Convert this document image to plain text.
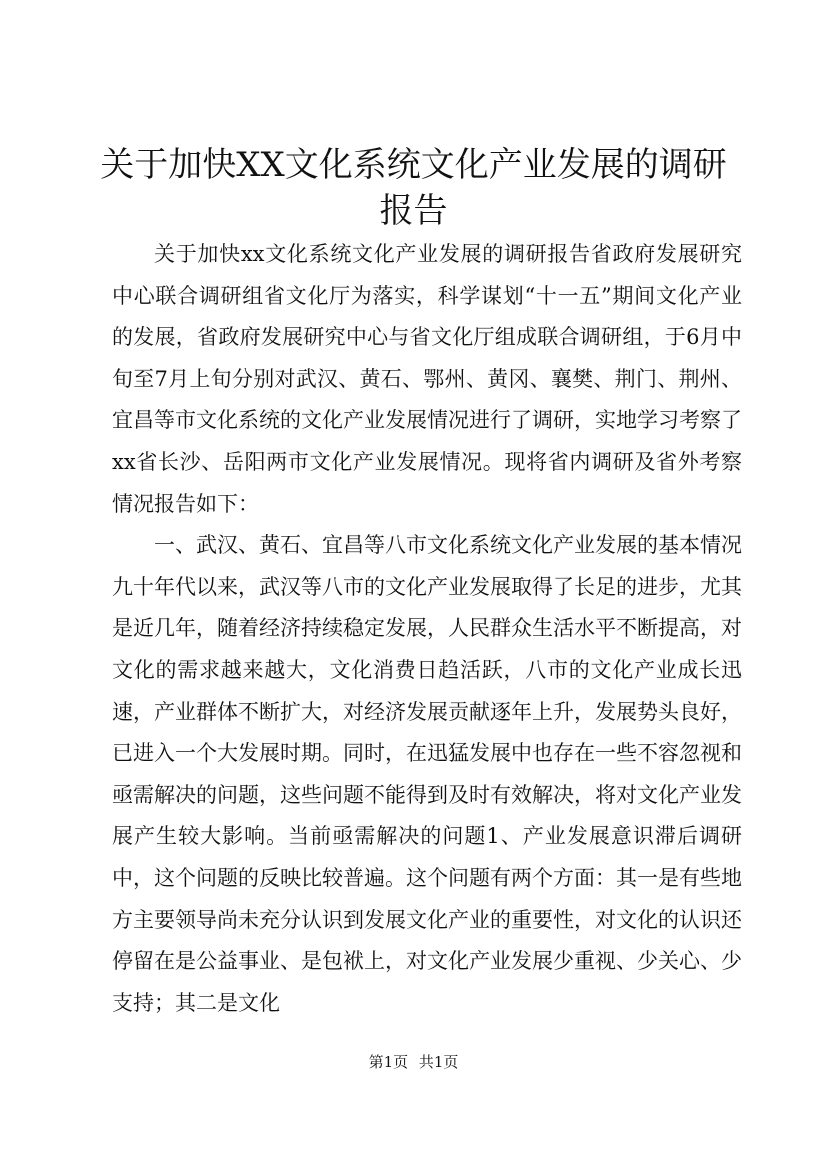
关于加快XX文化系统文化产业发展的调研报告

关于加快xx文化系统文化产业发展的调研报告省政府发展研究中心联合调研组省文化厅为落实，科学谋划“十一五”期间文化产业的发展，省政府发展研究中心与省文化厅组成联合调研组，于6月中旬至7月上旬分别对武汉、黄石、鄂州、黄冈、襄樊、荆门、荆州、宜昌等市文化系统的文化产业发展情况进行了调研，实地学习考察了xx省长沙、岳阳两市文化产业发展情况。现将省内调研及省外考察情况报告如下：

一、武汉、黄石、宜昌等八市文化系统文化产业发展的基本情况九十年代以来，武汉等八市的文化产业发展取得了长足的进步，尤其是近几年，随着经济持续稳定发展，人民群众生活水平不断提高，对文化的需求越来越大，文化消费日趋活跃，八市的文化产业成长迅速，产业群体不断扩大，对经济发展贡献逐年上升，发展势头良好，已进入一个大发展时期。同时，在迅猛发展中也存在一些不容忽视和亟需解决的问题，这些问题不能得到及时有效解决，将对文化产业发展产生较大影响。当前亟需解决的问题1、产业发展意识滞后调研中，这个问题的反映比较普遍。这个问题有两个方面：其一是有些地方主要领导尚未充分认识到发展文化产业的重要性，对文化的认识还停留在是公益事业、是包袱上，对文化产业发展少重视、少关心、少支持；其二是文化

第1页 共1页
